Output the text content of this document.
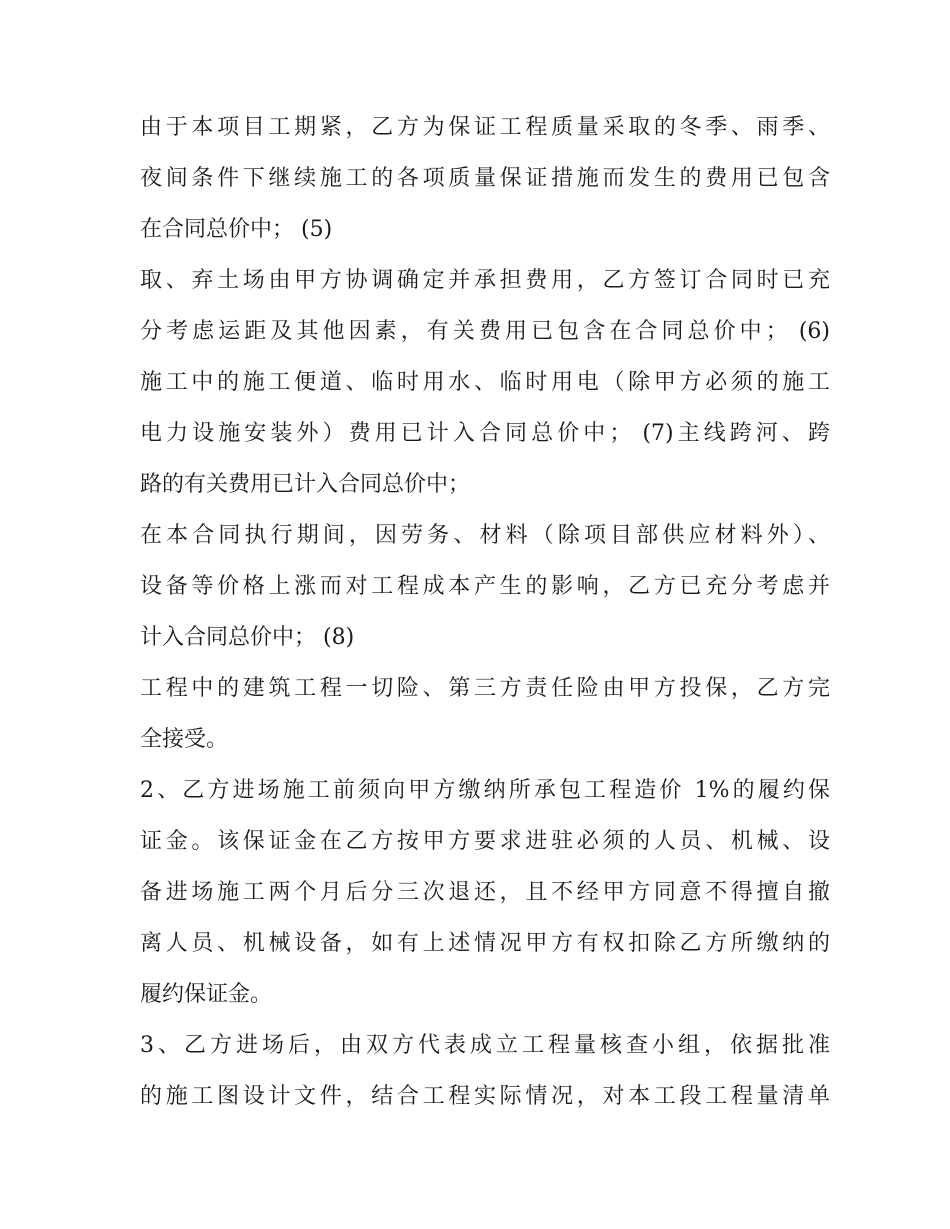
由于本项目工期紧，乙方为保证工程质量采取的冬季、雨季、
夜间条件下继续施工的各项质量保证措施而发生的费用已包含
在合同总价中； (5)
取、弃土场由甲方协调确定并承担费用，乙方签订合同时已充
分考虑运距及其他因素，有关费用已包含在合同总价中； (6)
施工中的施工便道、临时用水、临时用电（除甲方必须的施工
电力设施安装外）费用已计入合同总价中； (7)主线跨河、跨
路的有关费用已计入合同总价中；
在本合同执行期间，因劳务、材料（除项目部供应材料外）、
设备等价格上涨而对工程成本产生的影响，乙方已充分考虑并
计入合同总价中； (8)
工程中的建筑工程一切险、第三方责任险由甲方投保，乙方完
全接受。
2、乙方进场施工前须向甲方缴纳所承包工程造价 1%的履约保
证金。该保证金在乙方按甲方要求进驻必须的人员、机械、设
备进场施工两个月后分三次退还，且不经甲方同意不得擅自撤
离人员、机械设备，如有上述情况甲方有权扣除乙方所缴纳的
履约保证金。
3、乙方进场后，由双方代表成立工程量核查小组，依据批准
的施工图设计文件，结合工程实际情况，对本工段工程量清单
